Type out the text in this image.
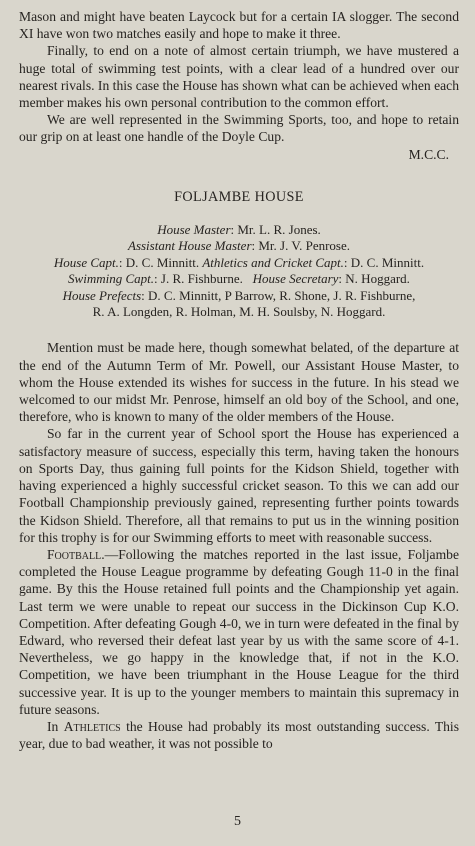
Mason and might have beaten Laycock but for a certain IA slogger. The second XI have won two matches easily and hope to make it three.

Finally, to end on a note of almost certain triumph, we have mustered a huge total of swimming test points, with a clear lead of a hundred over our nearest rivals. In this case the House has shown what can be achieved when each member makes his own personal contribution to the common effort.

We are well represented in the Swimming Sports, too, and hope to retain our grip on at least one handle of the Doyle Cup.

M.C.C.

FOLJAMBE HOUSE

House Master: Mr. L. R. Jones.
Assistant House Master: Mr. J. V. Penrose.
House Capt.: D. C. Minnitt. Athletics and Cricket Capt.: D. C. Minnitt.
Swimming Capt.: J. R. Fishburne. House Secretary: N. Hoggard.
House Prefects: D. C. Minnitt, P Barrow, R. Shone, J. R. Fishburne,
R. A. Longden, R. Holman, M. H. Soulsby, N. Hoggard.

Mention must be made here, though somewhat belated, of the departure at the end of the Autumn Term of Mr. Powell, our Assistant House Master, to whom the House extended its wishes for success in the future. In his stead we welcomed to our midst Mr. Penrose, himself an old boy of the School, and one, therefore, who is known to many of the older members of the House.

So far in the current year of School sport the House has experienced a satisfactory measure of success, especially this term, having taken the honours on Sports Day, thus gaining full points for the Kidson Shield, together with having experienced a highly successful cricket season. To this we can add our Football Championship previously gained, representing further points towards the Kidson Shield. Therefore, all that remains to put us in the winning position for this trophy is for our Swimming efforts to meet with reasonable success.

Football.—Following the matches reported in the last issue, Foljambe completed the House League programme by defeating Gough 11-0 in the final game. By this the House retained full points and the Championship yet again. Last term we were unable to repeat our success in the Dickinson Cup K.O. Competition. After defeating Gough 4-0, we in turn were defeated in the final by Edward, who reversed their defeat last year by us with the same score of 4-1. Nevertheless, we go happy in the knowledge that, if not in the K.O. Competition, we have been triumphant in the House League for the third successive year. It is up to the younger members to maintain this supremacy in future seasons.

In Athletics the House had probably its most outstanding success. This year, due to bad weather, it was not possible to

5
